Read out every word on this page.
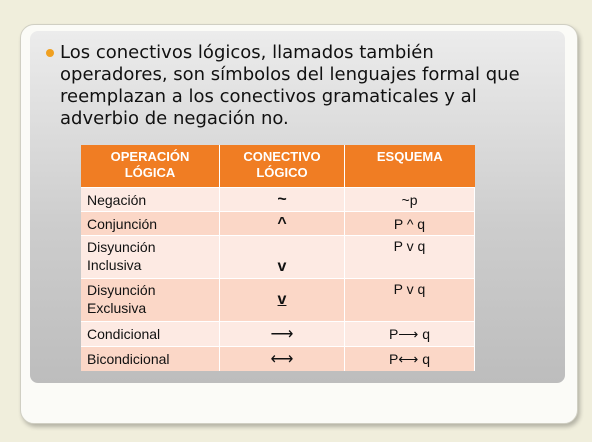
Los conectivos lógicos, llamados también operadores, son símbolos del lenguajes formal que reemplazan a los conectivos gramaticales y al adverbio de negación no.

OPERACIÓN LÓGICA	CONECTIVO LÓGICO	ESQUEMA
Negación	~	~p
Conjunción	^	P ^ q
Disyunción Inclusiva	v	P v q
Disyunción Exclusiva	v	P v q
Condicional	⟶	P⟶ q
Bicondicional	⟷	P⟷ q
